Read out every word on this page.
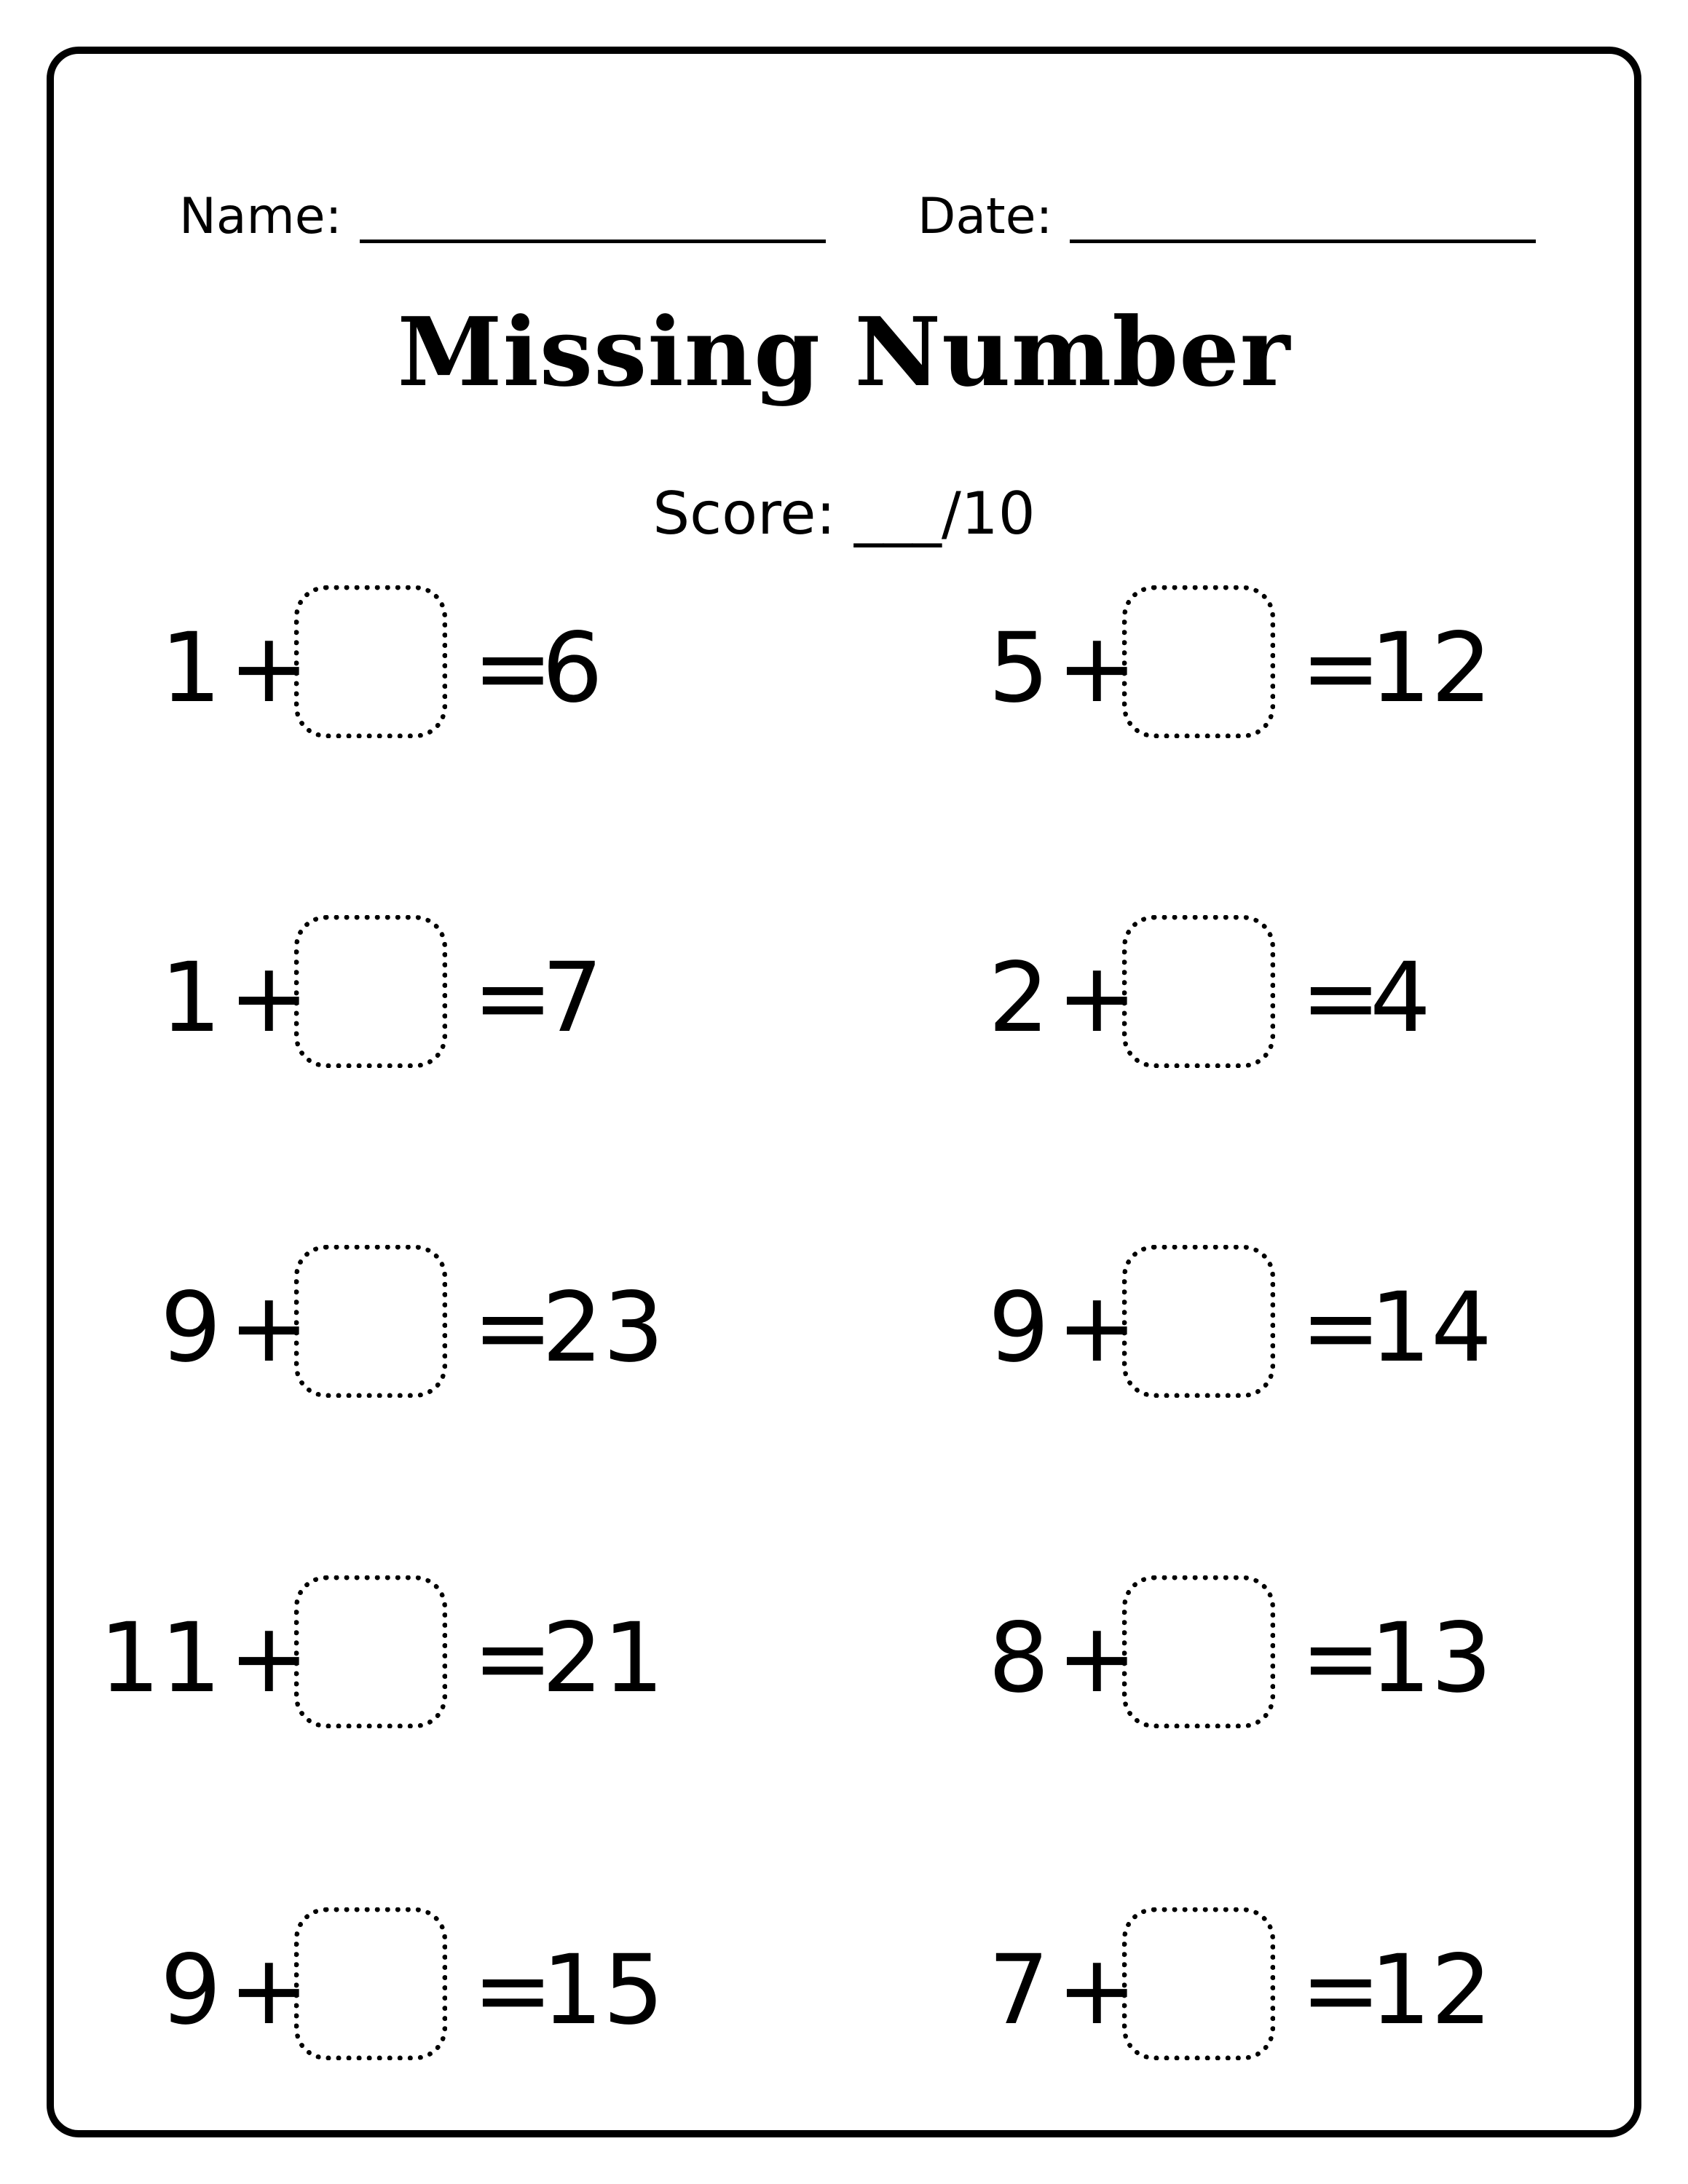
Name:	Date:
Missing Number
Score: ___/10
1 + =
6	5 + =
12
1 + =
7	2 + =
4
9 + =
23	9 + =
14
11 + =
21	8 + =
13
9 + =
15	7 + =
12
